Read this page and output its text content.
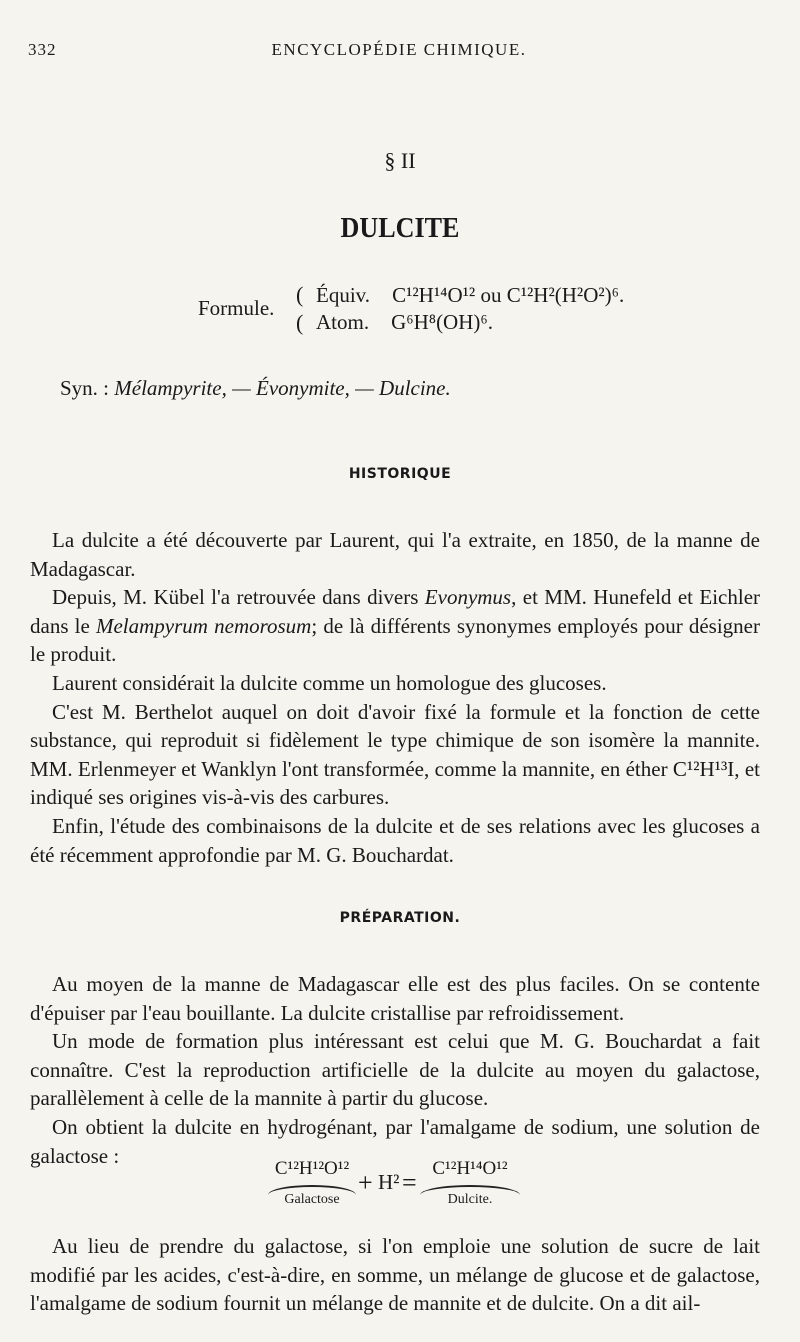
332	ENCYCLOPÉDIE CHIMIQUE.
§ II
DULCITE
Formule.
(
(
Équiv. C¹²H¹⁴O¹² ou C¹²H²(H²O²)⁶.
Atom. G⁶H⁸(OH)⁶.
Syn. : Mélampyrite, — Évonymite, — Dulcine.
HISTORIQUE

La dulcite a été découverte par Laurent, qui l'a extraite, en 1850, de la manne de Madagascar.

Depuis, M. Kübel l'a retrouvée dans divers Evonymus, et MM. Hunefeld et Eichler dans le Melampyrum nemorosum; de là différents synonymes employés pour désigner le produit.

Laurent considérait la dulcite comme un homologue des glucoses.

C'est M. Berthelot auquel on doit d'avoir fixé la formule et la fonction de cette substance, qui reproduit si fidèlement le type chimique de son isomère la mannite. MM. Erlenmeyer et Wanklyn l'ont transformée, comme la mannite, en éther C¹²H¹³I, et indiqué ses origines vis-à-vis des carbures.

Enfin, l'étude des combinaisons de la dulcite et de ses relations avec les glucoses a été récemment approfondie par M. G. Bouchardat.

PRÉPARATION.

Au moyen de la manne de Madagascar elle est des plus faciles. On se contente d'épuiser par l'eau bouillante. La dulcite cristallise par refroidissement.

Un mode de formation plus intéressant est celui que M. G. Bouchardat a fait connaître. C'est la reproduction artificielle de la dulcite au moyen du galactose, parallèlement à celle de la mannite à partir du glucose.

On obtient la dulcite en hydrogénant, par l'amalgame de sodium, une solution de galactose :

C¹²H¹²O¹²
Galactose
+ H² = C¹²H¹⁴O¹²
Dulcite.

Au lieu de prendre du galactose, si l'on emploie une solution de sucre de lait modifié par les acides, c'est-à-dire, en somme, un mélange de glucose et de galactose, l'amalgame de sodium fournit un mélange de mannite et de dulcite. On a dit ail-
